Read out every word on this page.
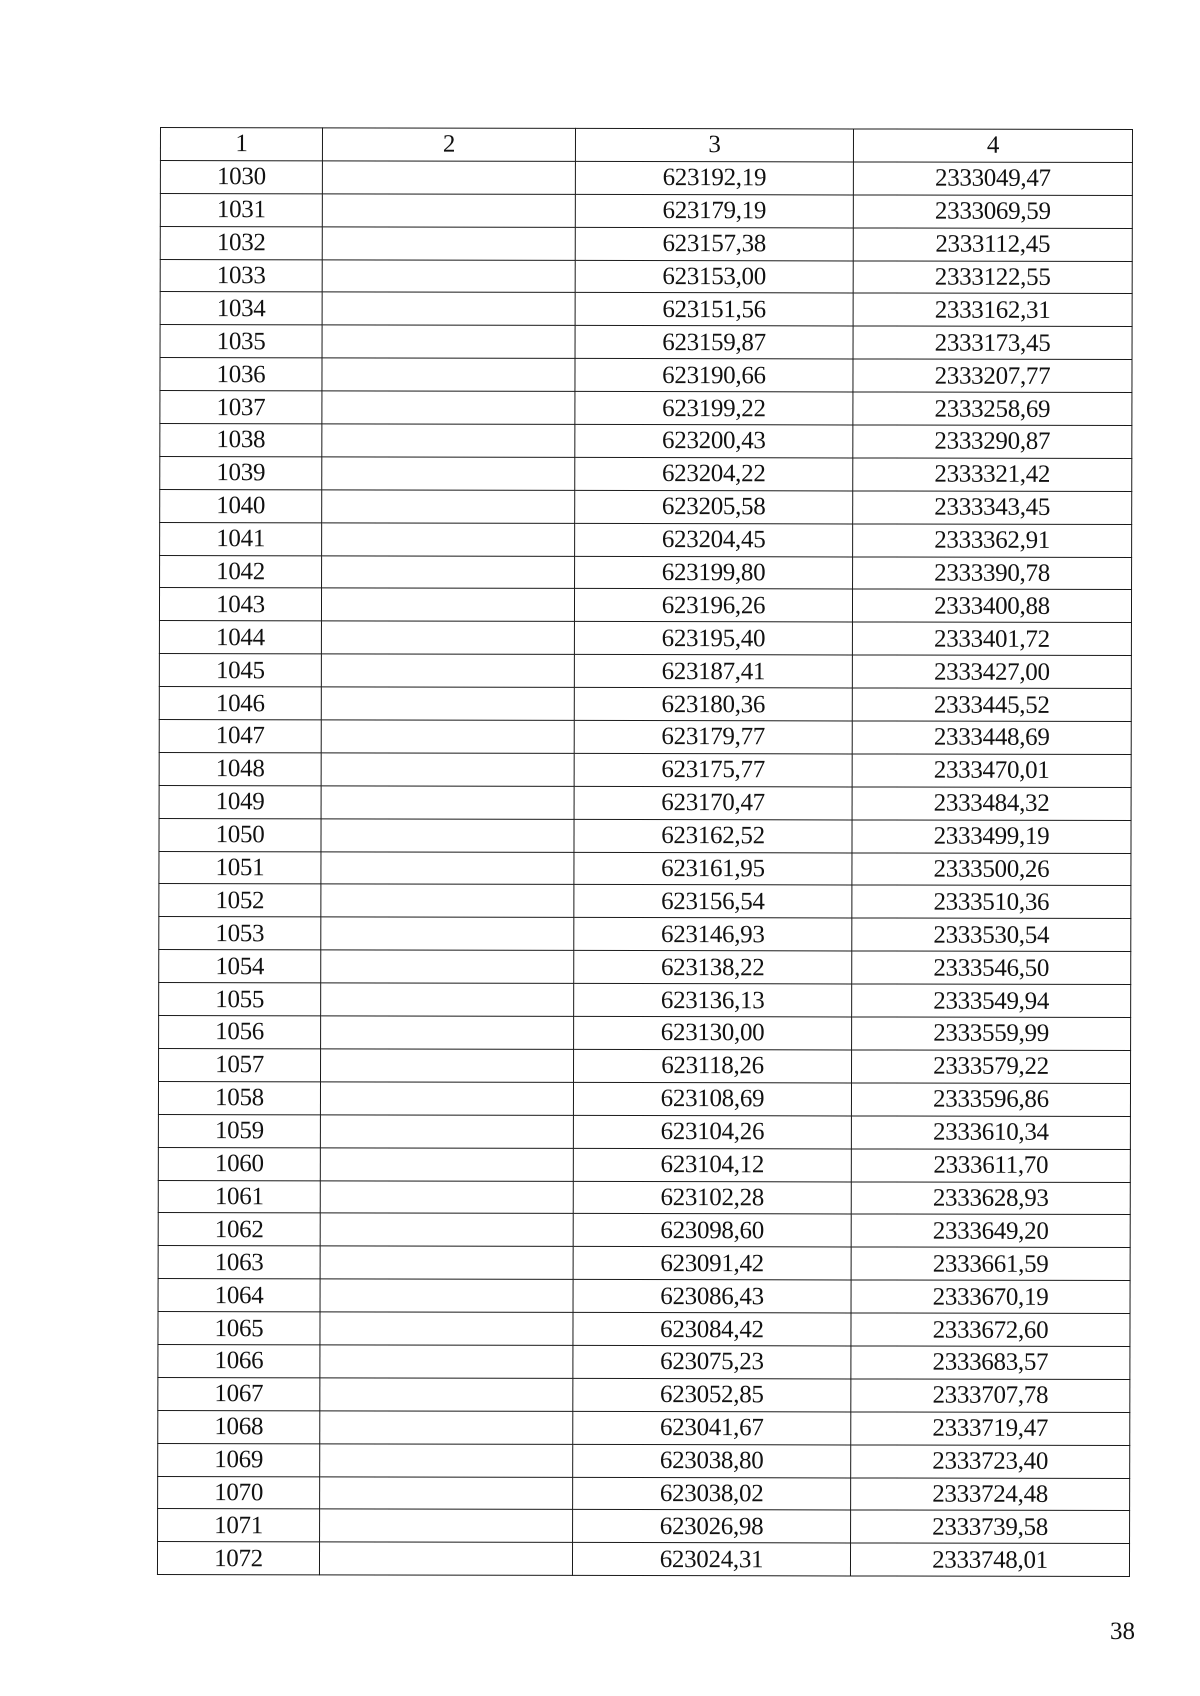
1	2	3	4
1030		623192,19	2333049,47
1031		623179,19	2333069,59
1032		623157,38	2333112,45
1033		623153,00	2333122,55
1034		623151,56	2333162,31
1035		623159,87	2333173,45
1036		623190,66	2333207,77
1037		623199,22	2333258,69
1038		623200,43	2333290,87
1039		623204,22	2333321,42
1040		623205,58	2333343,45
1041		623204,45	2333362,91
1042		623199,80	2333390,78
1043		623196,26	2333400,88
1044		623195,40	2333401,72
1045		623187,41	2333427,00
1046		623180,36	2333445,52
1047		623179,77	2333448,69
1048		623175,77	2333470,01
1049		623170,47	2333484,32
1050		623162,52	2333499,19
1051		623161,95	2333500,26
1052		623156,54	2333510,36
1053		623146,93	2333530,54
1054		623138,22	2333546,50
1055		623136,13	2333549,94
1056		623130,00	2333559,99
1057		623118,26	2333579,22
1058		623108,69	2333596,86
1059		623104,26	2333610,34
1060		623104,12	2333611,70
1061		623102,28	2333628,93
1062		623098,60	2333649,20
1063		623091,42	2333661,59
1064		623086,43	2333670,19
1065		623084,42	2333672,60
1066		623075,23	2333683,57
1067		623052,85	2333707,78
1068		623041,67	2333719,47
1069		623038,80	2333723,40
1070		623038,02	2333724,48
1071		623026,98	2333739,58
1072		623024,31	2333748,01
38
